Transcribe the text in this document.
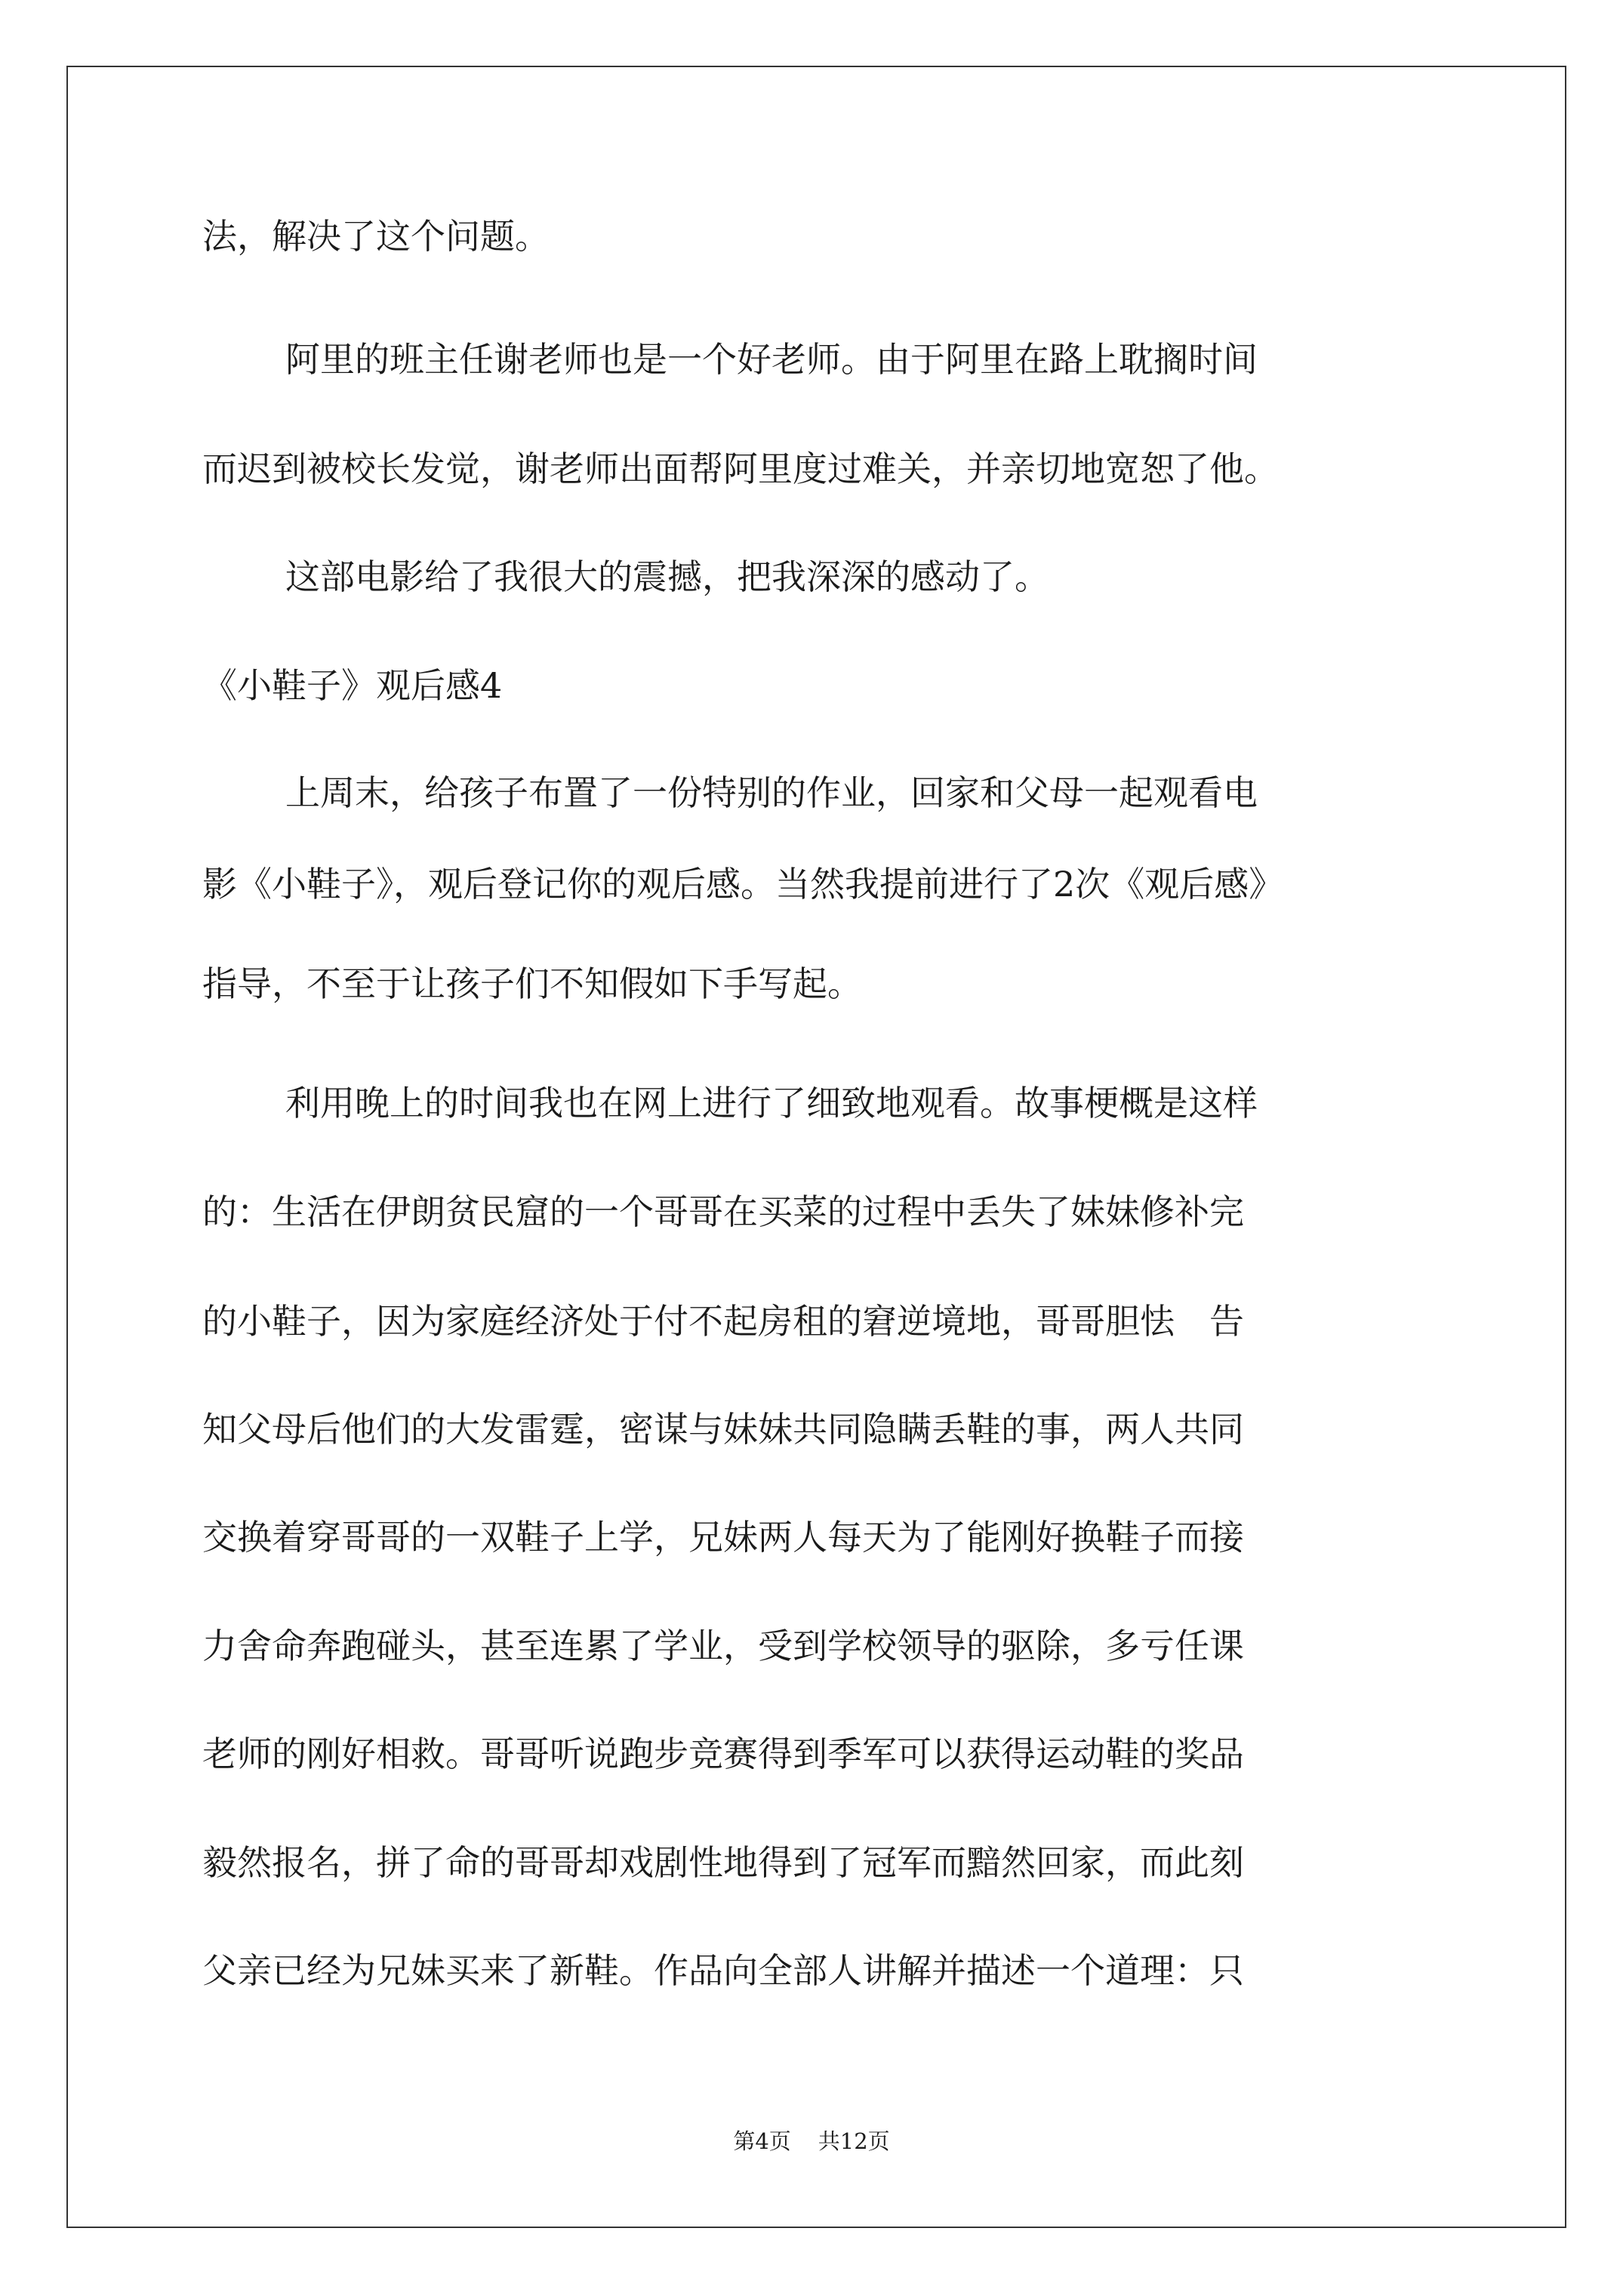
法，解决了这个问题。

阿里的班主任谢老师也是一个好老师。由于阿里在路上耽搁时间

而迟到被校长发觉，谢老师出面帮阿里度过难关，并亲切地宽恕了他。

这部电影给了我很大的震撼，把我深深的感动了。

《小鞋子》观后感4

上周末，给孩子布置了一份特别的作业，回家和父母一起观看电

影《小鞋子》，观后登记你的观后感。当然我提前进行了2次《观后感》

指导，不至于让孩子们不知假如下手写起。

利用晚上的时间我也在网上进行了细致地观看。故事梗概是这样

的：生活在伊朗贫民窟的一个哥哥在买菜的过程中丢失了妹妹修补完

的小鞋子，因为家庭经济处于付不起房租的窘逆境地，哥哥胆怯　告

知父母后他们的大发雷霆，密谋与妹妹共同隐瞒丢鞋的事，两人共同

交换着穿哥哥的一双鞋子上学，兄妹两人每天为了能刚好换鞋子而接

力舍命奔跑碰头，甚至连累了学业，受到学校领导的驱除，多亏任课

老师的刚好相救。哥哥听说跑步竞赛得到季军可以获得运动鞋的奖品

毅然报名，拼了命的哥哥却戏剧性地得到了冠军而黯然回家，而此刻

父亲已经为兄妹买来了新鞋。作品向全部人讲解并描述一个道理：只

第4页 共12页
